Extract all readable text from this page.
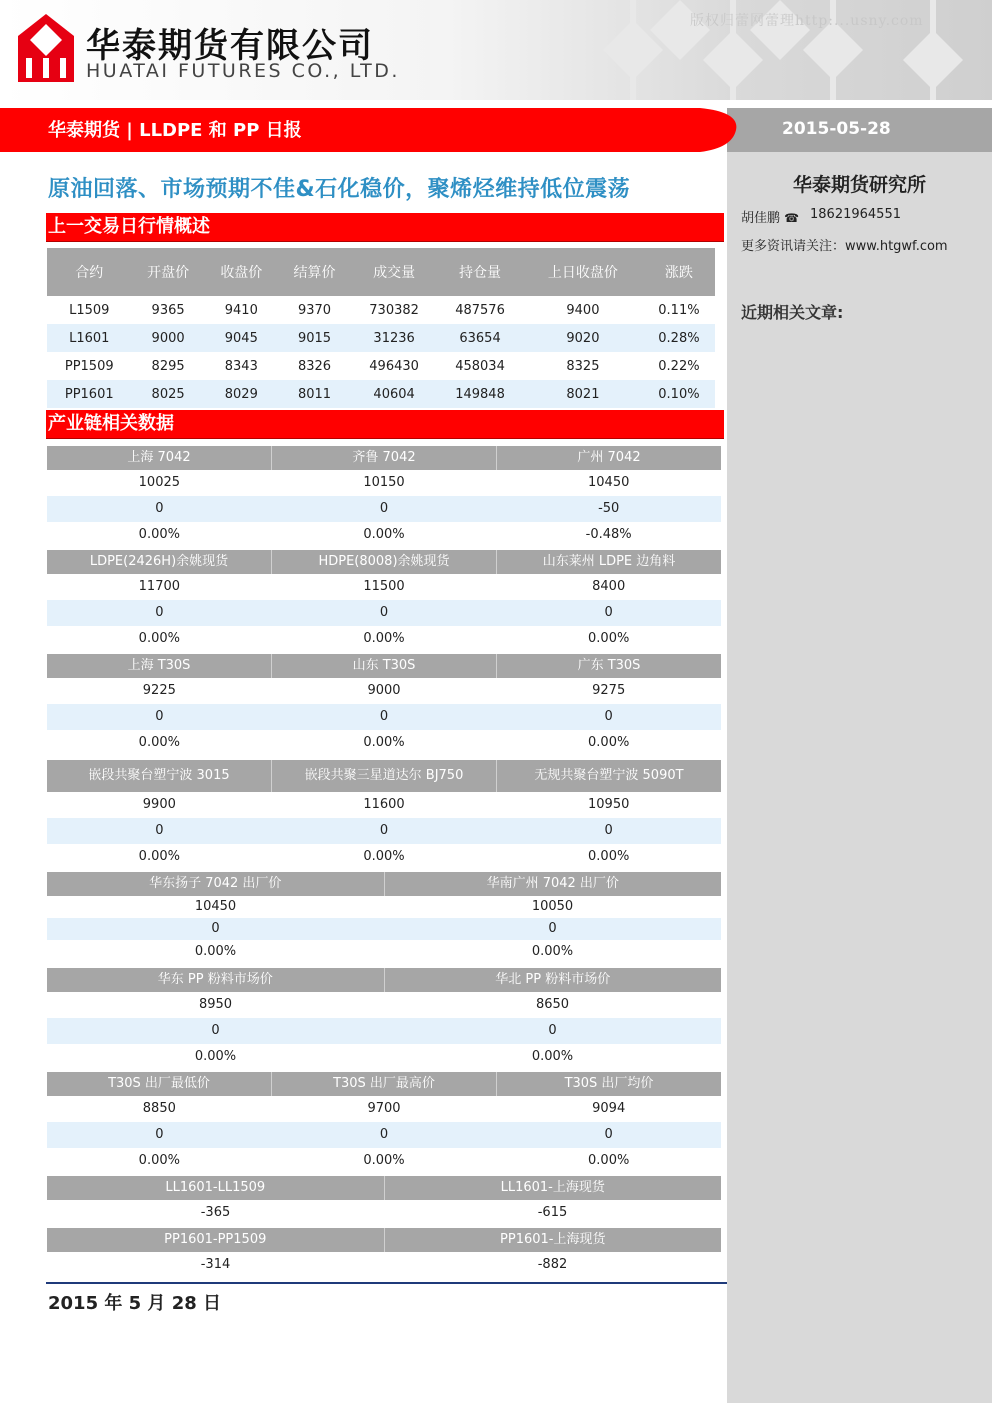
版权归蕾网蕾理http:...usny.com
华泰期货有限公司
HUATAI FUTURES CO., LTD.
华泰期货 | LLDPE 和 PP 日报	2015-05-28
华泰期货研究所
胡佳鹏 ☎ 18621964551
更多资讯请关注：www.htgwf.com
近期相关文章:
原油回落、市场预期不佳&石化稳价，聚烯烃维持低位震荡
上一交易日行情概述
合约	开盘价	收盘价	结算价	成交量	持仓量	上日收盘价	涨跌
L1509	9365	9410	9370	730382	487576	9400	0.11%
L1601	9000	9045	9015	31236	63654	9020	0.28%
PP1509	8295	8343	8326	496430	458034	8325	0.22%
PP1601	8025	8029	8011	40604	149848	8021	0.10%
产业链相关数据
上海 7042	齐鲁 7042	广州 7042
10025	10150	10450
0	0	-50
0.00%	0.00%	-0.48%
LDPE(2426H)余姚现货	HDPE(8008)余姚现货	山东莱州 LDPE 边角料
11700	11500	8400
0	0	0
0.00%	0.00%	0.00%
上海 T30S	山东 T30S	广东 T30S
9225	9000	9275
0	0	0
0.00%	0.00%	0.00%
嵌段共聚台塑宁波 3015	嵌段共聚三星道达尔 BJ750	无规共聚台塑宁波 5090T
9900	11600	10950
0	0	0
0.00%	0.00%	0.00%
华东扬子 7042 出厂价	华南广州 7042 出厂价
10450	10050
0	0
0.00%	0.00%
华东 PP 粉料市场价	华北 PP 粉料市场价
8950	8650
0	0
0.00%	0.00%
T30S 出厂最低价	T30S 出厂最高价	T30S 出厂均价
8850	9700	9094
0	0	0
0.00%	0.00%	0.00%
LL1601-LL1509	LL1601-上海现货
-365	-615
PP1601-PP1509	PP1601-上海现货
-314	-882
2015 年 5 月 28 日
